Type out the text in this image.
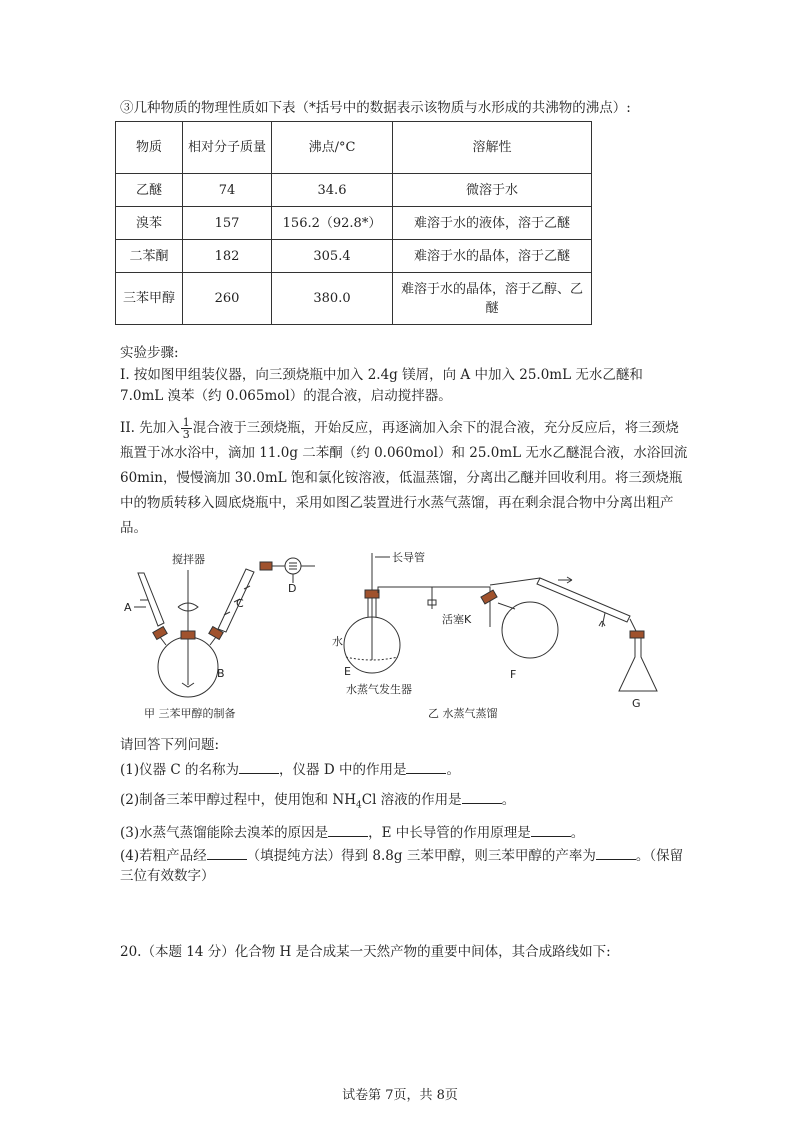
③几种物质的物理性质如下表（*括号中的数据表示该物质与水形成的共沸物的沸点）:
物质	相对分子质量	沸点/°C	溶解性
乙醚	74	34.6	微溶于水
溴苯	157	156.2（92.8*）	难溶于水的液体，溶于乙醚
二苯酮	182	305.4	难溶于水的晶体，溶于乙醚
三苯甲醇	260	380.0	难溶于水的晶体，溶于乙醇、乙醚
实验步骤:
I. 按如图甲组装仪器，向三颈烧瓶中加入 2.4g 镁屑，向 A 中加入 25.0mL 无水乙醚和 7.0mL 溴苯（约 0.065mol）的混合液，启动搅拌器。
II. 先加入 $\frac{1}{3}$ 混合液于三颈烧瓶，开始反应，再逐滴加入余下的混合液，充分反应后，将三颈烧瓶置于冰水浴中，滴加 11.0g 二苯酮（约 0.060mol）和 25.0mL 无水乙醚混合液，水浴回流 60min，慢慢滴加 30.0mL 饱和氯化铵溶液，低温蒸馏，分离出乙醚并回收利用。将三颈烧瓶中的物质转移入圆底烧瓶中，采用如图乙装置进行水蒸气蒸馏，再在剩余混合物中分离出粗产品。
搅拌器
A
B
C
D
甲 三苯甲醇的制备
长导管
活塞K
水
E
水蒸气发生器
F
G
乙 水蒸气蒸馏
请回答下列问题:
(1)仪器 C 的名称为	，仪器 D 中的作用是	。
(2)制备三苯甲醇过程中，使用饱和 $NH_4Cl$ 溶液的作用是	。
(3)水蒸气蒸馏能除去溴苯的原因是	，E 中长导管的作用原理是	。
(4)若粗产品经	（填提纯方法）得到 8.8g 三苯甲醇，则三苯甲醇的产率为	。（保留三位有效数字）
20.（本题 14 分）化合物 H 是合成某一天然产物的重要中间体，其合成路线如下:
试卷第 7页，共 8页
